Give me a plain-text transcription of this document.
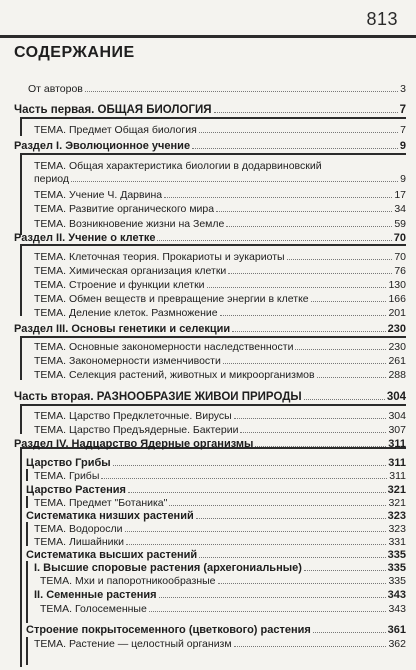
813
СОДЕРЖАНИЕ
От авторов	3
Часть первая. ОБЩАЯ БИОЛОГИЯ	7
ТЕМА. Предмет Общая биология	7
Раздел I. Эволюционное учение	9
ТЕМА. Общая характеристика биологии в додарвиновский
период	9
ТЕМА. Учение Ч. Дарвина	17
ТЕМА. Развитие органического мира	34
ТЕМА. Возникновение жизни на Земле	59
Раздел II. Учение о клетке	70
ТЕМА. Клеточная теория. Прокариоты и эукариоты	70
ТЕМА. Химическая организация клетки	76
ТЕМА. Строение и функции клетки	130
ТЕМА. Обмен веществ и превращение энергии в клетке	166
ТЕМА. Деление клеток. Размножение	201
Раздел III. Основы генетики и селекции	230
ТЕМА. Основные закономерности наследственности	230
ТЕМА. Закономерности изменчивости	261
ТЕМА. Селекция растений, животных и микроорганизмов	288
Часть вторая. РАЗНООБРАЗИЕ ЖИВОЙ ПРИРОДЫ	304
ТЕМА. Царство Предклеточные. Вирусы	304
ТЕМА. Царство Предъядерные. Бактерии	307
Раздел IV. Надцарство Ядерные организмы	311
Царство Грибы	311
ТЕМА. Грибы	311
Царство Растения	321
ТЕМА. Предмет "Ботаника"	321
Систематика низших растений	323
ТЕМА. Водоросли	323
ТЕМА. Лишайники	331
Систематика высших растений	335
I. Высшие споровые растения (архегониальные)	335
ТЕМА. Мхи и папоротникообразные	335
II. Семенные растения	343
ТЕМА. Голосеменные	343
Строение покрытосеменного (цветкового) растения	361
ТЕМА. Растение — целостный организм	362
